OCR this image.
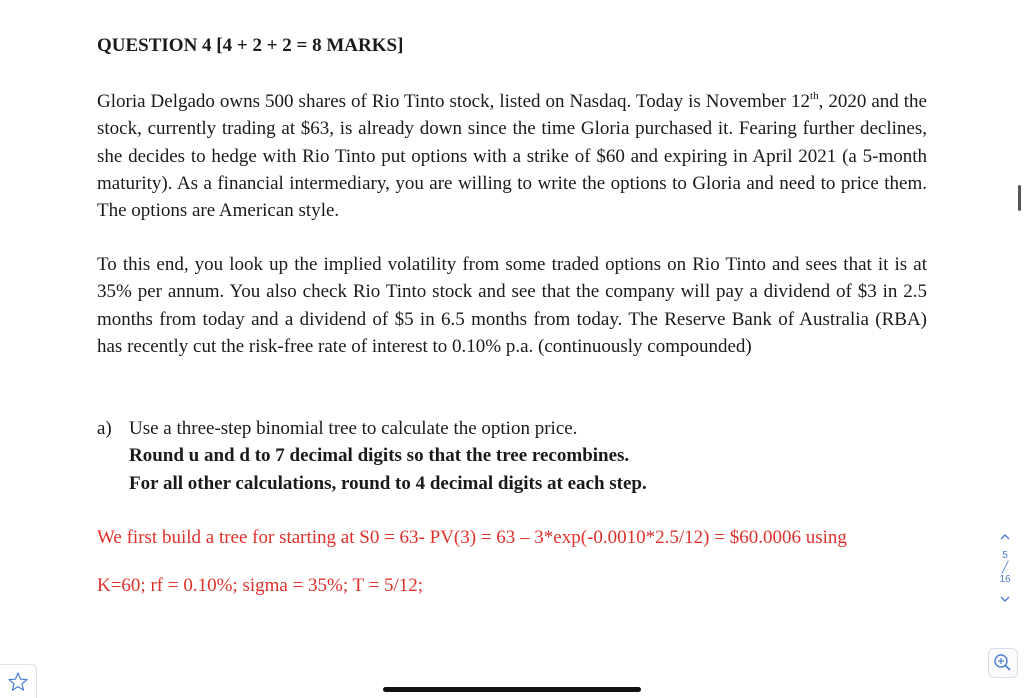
QUESTION 4 [4 + 2 + 2 = 8 MARKS]

Gloria Delgado owns 500 shares of Rio Tinto stock, listed on Nasdaq. Today is November 12th, 2020 and the stock, currently trading at $63, is already down since the time Gloria purchased it. Fearing further declines, she decides to hedge with Rio Tinto put options with a strike of $60 and expiring in April 2021 (a 5-month maturity). As a financial intermediary, you are willing to write the options to Gloria and need to price them. The options are American style.

To this end, you look up the implied volatility from some traded options on Rio Tinto and sees that it is at 35% per annum. You also check Rio Tinto stock and see that the company will pay a dividend of $3 in 2.5 months from today and a dividend of $5 in 6.5 months from today. The Reserve Bank of Australia (RBA) has recently cut the risk-free rate of interest to 0.10% p.a. (continuously compounded)

a) Use a three-step binomial tree to calculate the option price.
Round u and d to 7 decimal digits so that the tree recombines.
For all other calculations, round to 4 decimal digits at each step.
We first build a tree for starting at S0 = 63- PV(3) = 63 – 3*exp(-0.0010*2.5/12) = $60.0006 using
K=60; rf = 0.10%; sigma = 35%; T = 5/12;
5
╱
16
